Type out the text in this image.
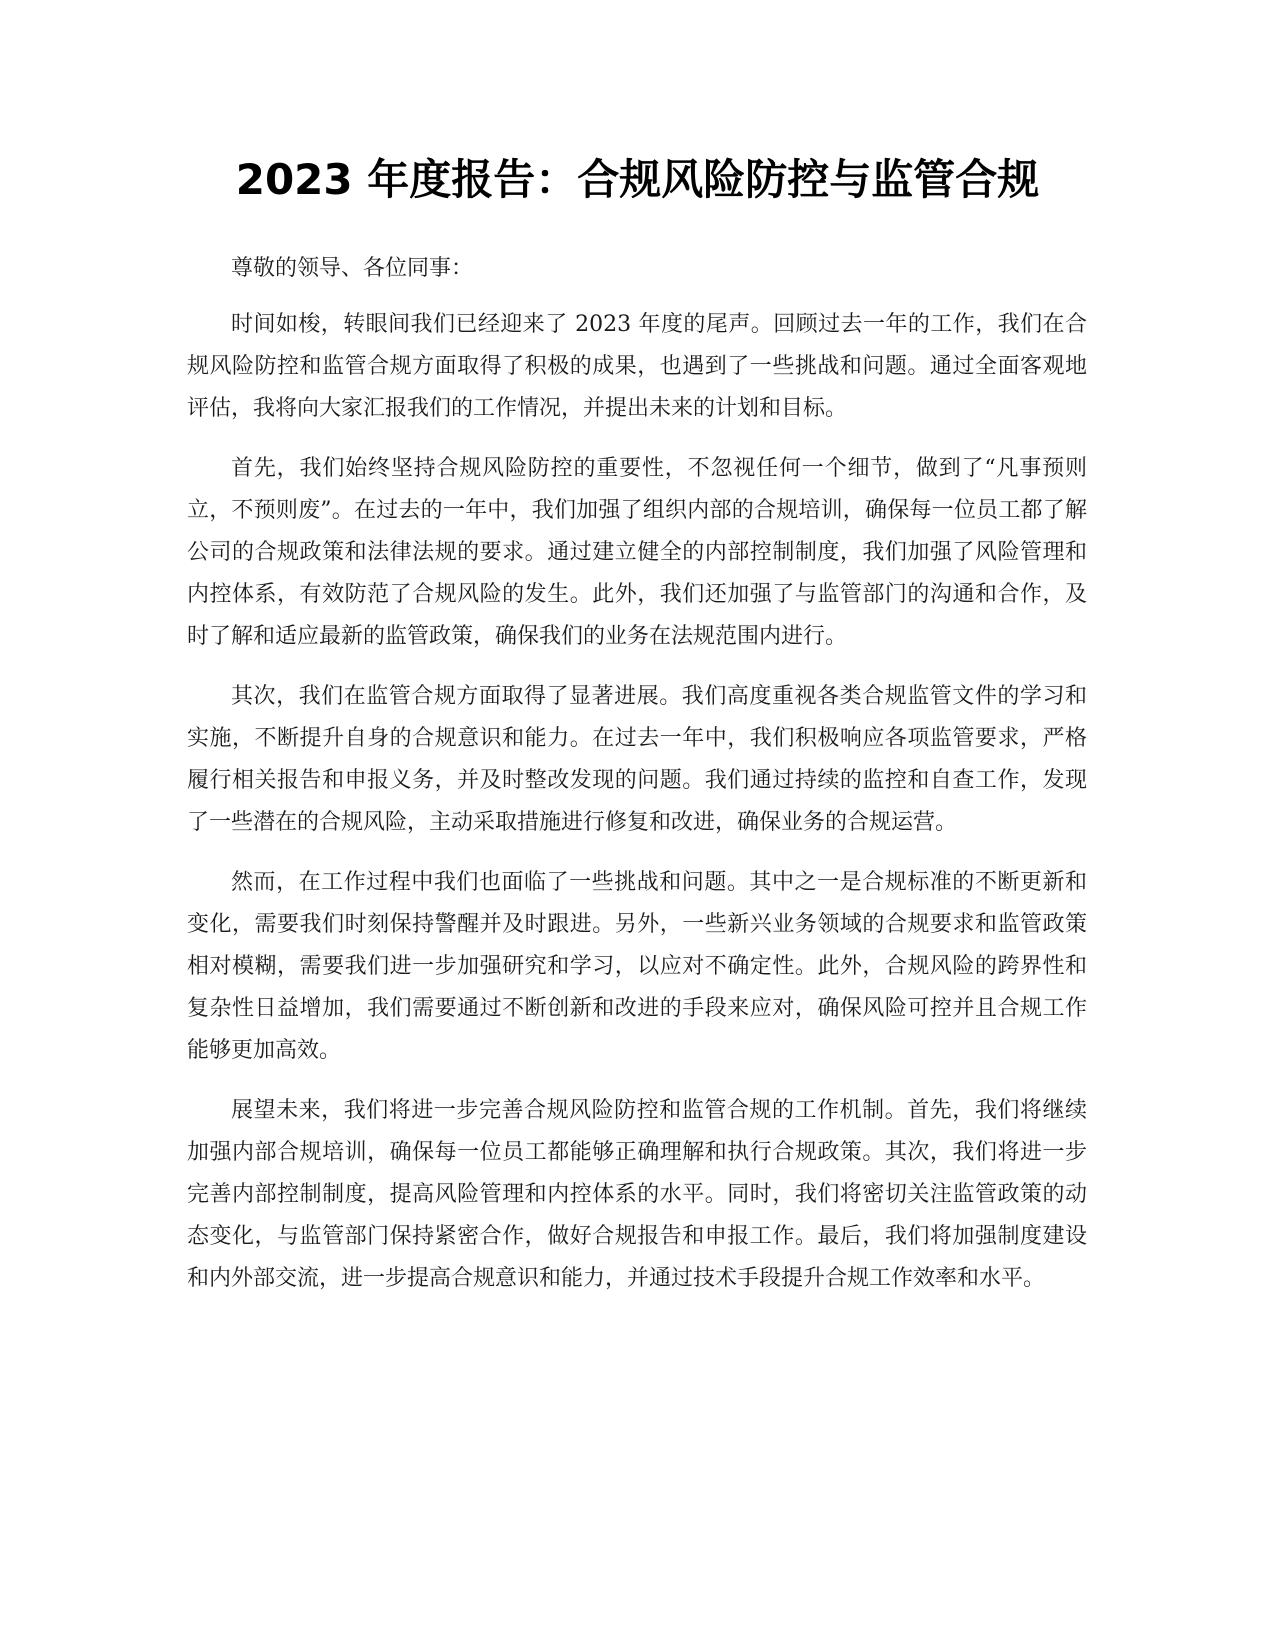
2023 年度报告：合规风险防控与监管合规

尊敬的领导、各位同事：

时间如梭，转眼间我们已经迎来了 2023 年度的尾声。回顾过去一年的工作，我们在合规风险防控和监管合规方面取得了积极的成果，也遇到了一些挑战和问题。通过全面客观地评估，我将向大家汇报我们的工作情况，并提出未来的计划和目标。

首先，我们始终坚持合规风险防控的重要性，不忽视任何一个细节，做到了“凡事预则立，不预则废”。在过去的一年中，我们加强了组织内部的合规培训，确保每一位员工都了解公司的合规政策和法律法规的要求。通过建立健全的内部控制制度，我们加强了风险管理和内控体系，有效防范了合规风险的发生。此外，我们还加强了与监管部门的沟通和合作，及时了解和适应最新的监管政策，确保我们的业务在法规范围内进行。

其次，我们在监管合规方面取得了显著进展。我们高度重视各类合规监管文件的学习和实施，不断提升自身的合规意识和能力。在过去一年中，我们积极响应各项监管要求，严格履行相关报告和申报义务，并及时整改发现的问题。我们通过持续的监控和自查工作，发现了一些潜在的合规风险，主动采取措施进行修复和改进，确保业务的合规运营。

然而，在工作过程中我们也面临了一些挑战和问题。其中之一是合规标准的不断更新和变化，需要我们时刻保持警醒并及时跟进。另外，一些新兴业务领域的合规要求和监管政策相对模糊，需要我们进一步加强研究和学习，以应对不确定性。此外，合规风险的跨界性和复杂性日益增加，我们需要通过不断创新和改进的手段来应对，确保风险可控并且合规工作能够更加高效。

展望未来，我们将进一步完善合规风险防控和监管合规的工作机制。首先，我们将继续加强内部合规培训，确保每一位员工都能够正确理解和执行合规政策。其次，我们将进一步完善内部控制制度，提高风险管理和内控体系的水平。同时，我们将密切关注监管政策的动态变化，与监管部门保持紧密合作，做好合规报告和申报工作。最后，我们将加强制度建设和内外部交流，进一步提高合规意识和能力，并通过技术手段提升合规工作效率和水平。
